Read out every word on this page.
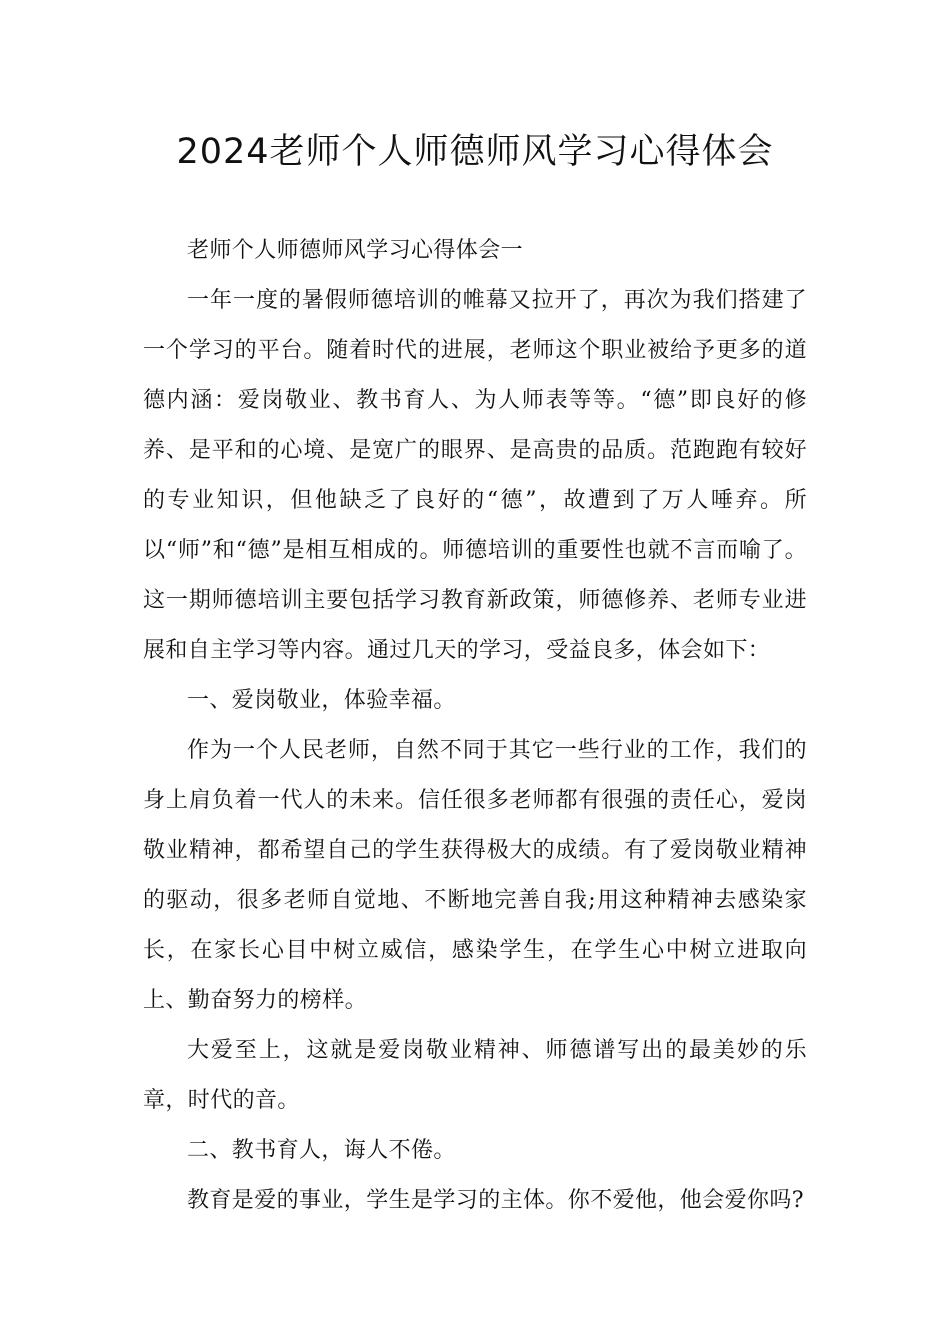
2024老师个人师德师风学习心得体会

老师个人师德师风学习心得体会一

一年一度的暑假师德培训的帷幕又拉开了，再次为我们搭建了一个学习的平台。随着时代的进展，老师这个职业被给予更多的道德内涵：爱岗敬业、教书育人、为人师表等等。“德”即良好的修养、是平和的心境、是宽广的眼界、是高贵的品质。范跑跑有较好的专业知识，但他缺乏了良好的“德”，故遭到了万人唾弃。所以“师”和“德”是相互相成的。师德培训的重要性也就不言而喻了。这一期师德培训主要包括学习教育新政策，师德修养、老师专业进展和自主学习等内容。通过几天的学习，受益良多，体会如下：

一、爱岗敬业，体验幸福。

作为一个人民老师，自然不同于其它一些行业的工作，我们的身上肩负着一代人的未来。信任很多老师都有很强的责任心，爱岗敬业精神，都希望自己的学生获得极大的成绩。有了爱岗敬业精神的驱动，很多老师自觉地、不断地完善自我;用这种精神去感染家长，在家长心目中树立威信，感染学生，在学生心中树立进取向上、勤奋努力的榜样。

大爱至上，这就是爱岗敬业精神、师德谱写出的最美妙的乐章，时代的音。

二、教书育人，诲人不倦。

教育是爱的事业，学生是学习的主体。你不爱他，他会爱你吗?
